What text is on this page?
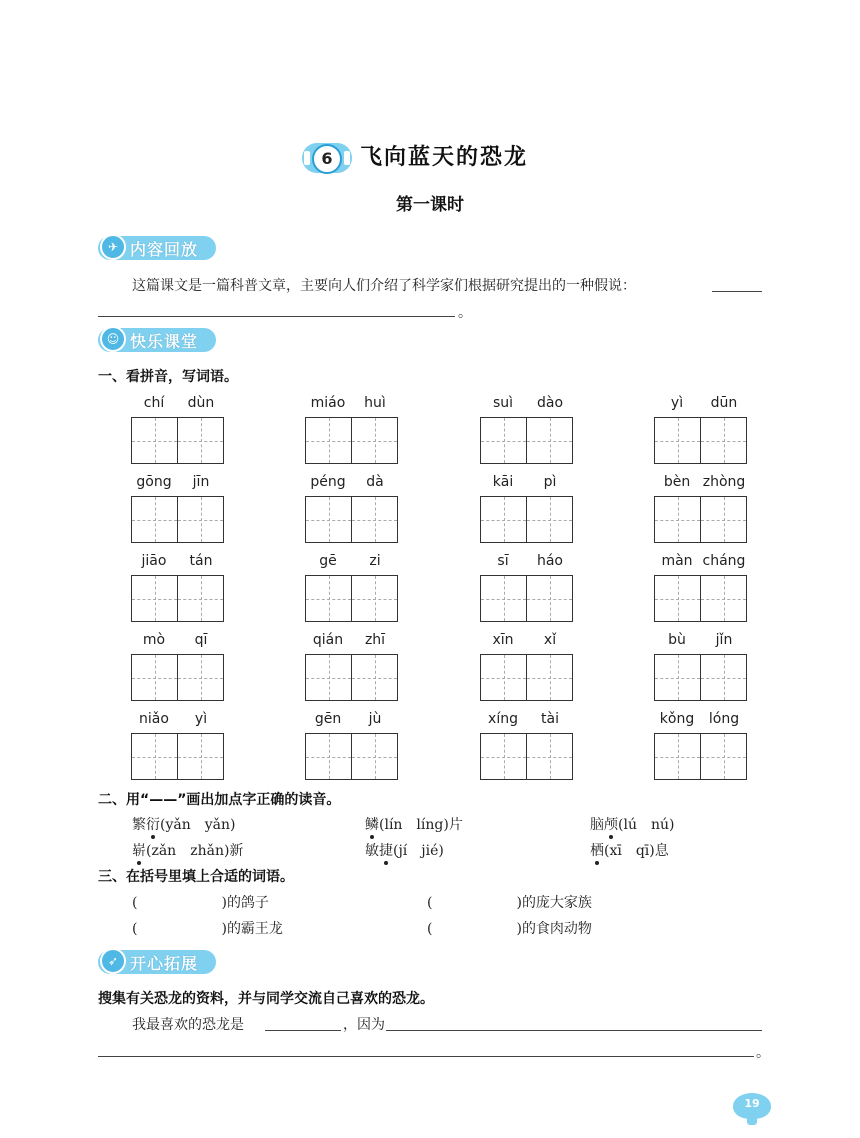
6	飞向蓝天的恐龙
第一课时
✈ 内容回放
这篇课文是一篇科普文章，主要向人们介绍了科学家们根据研究提出的一种假说：
。
☺ 快乐课堂
一、看拼音，写词语。
chí	dùn	miáo	huì	suì	dào	yì	dūn
gōng	jīn	péng	dà	kāi	pì	bèn zhòng
jiāo	tán	gē	zi	sī	háo	màn cháng
mò	qī	qián	zhī	xīn	xǐ	bù	jǐn
niǎo	yì	gēn	jù	xíng	tài	kǒng	lóng
二、用“——”画出加点字正确的读音。
繁衍(yǎn　yǎn)	鳞(lín　líng)片	脑颅(lú　nú)
崭(zǎn　zhǎn)新	敏捷(jí　jié)	栖(xī　qī)息
三、在括号里填上合适的词语。
(	)的鸽子	(	)的庞大家族
(	)的霸王龙	(	)的食肉动物
➶ 开心拓展
搜集有关恐龙的资料，并与同学交流自己喜欢的恐龙。
我最喜欢的恐龙是	，因为
。
19
